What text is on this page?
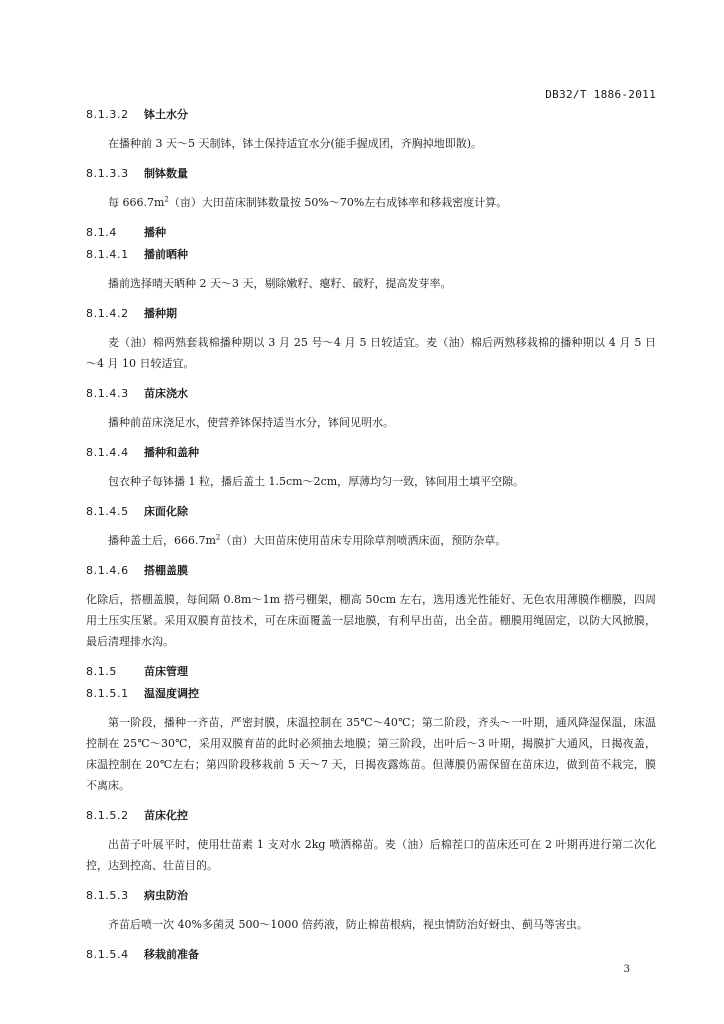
DB32/T 1886-2011
8.1.3.2 钵土水分

在播种前 3 天～5 天制钵，钵土保持适宜水分(能手握成团，齐胸掉地即散)。

8.1.3.3 制钵数量

每 $666.7m^2$（亩）大田苗床制钵数量按 50%～70%左右成钵率和移栽密度计算。

8.1.4 播种
8.1.4.1 播前晒种

播前选择晴天晒种 2 天～3 天，剔除嫩籽、瘪籽、破籽，提高发芽率。

8.1.4.2 播种期

麦（油）棉两熟套栽棉播种期以 3 月 25 号～4 月 5 日较适宜。麦（油）棉后两熟移栽棉的播种期以 4 月 5 日～4 月 10 日较适宜。

8.1.4.3 苗床浇水

播种前苗床浇足水，使营养钵保持适当水分，钵间见明水。

8.1.4.4 播种和盖种

包衣种子每钵播 1 粒，播后盖土 1.5cm～2cm，厚薄均匀一致，钵间用土填平空隙。

8.1.4.5 床面化除

播种盖土后，$666.7m^2$（亩）大田苗床使用苗床专用除草剂喷洒床面，预防杂草。

8.1.4.6 搭棚盖膜

化除后，搭棚盖膜，每间隔 0.8m～1m 搭弓棚架，棚高 50cm 左右，选用透光性能好、无色农用薄膜作棚膜，四周用土压实压紧。采用双膜育苗技术，可在床面覆盖一层地膜，有利早出苗，出全苗。棚膜用绳固定，以防大风掀膜，最后清理排水沟。

8.1.5 苗床管理
8.1.5.1 温湿度调控

第一阶段，播种一齐苗，严密封膜，床温控制在 35℃～40℃；第二阶段，齐头～一叶期，通风降湿保温，床温控制在 25℃～30℃，采用双膜育苗的此时必须抽去地膜；第三阶段，出叶后～3 叶期，揭膜扩大通风，日揭夜盖，床温控制在 20℃左右；第四阶段移栽前 5 天～7 天，日揭夜露炼苗。但薄膜仍需保留在苗床边，做到苗不栽完，膜不离床。

8.1.5.2 苗床化控

出苗子叶展平时，使用壮苗素 1 支对水 2kg 喷洒棉苗。麦（油）后棉茬口的苗床还可在 2 叶期再进行第二次化控，达到控高、壮苗目的。

8.1.5.3 病虫防治

齐苗后喷一次 40%多菌灵 500～1000 倍药液，防止棉苗根病，视虫情防治好蚜虫、蓟马等害虫。

8.1.5.4 移栽前准备
3
